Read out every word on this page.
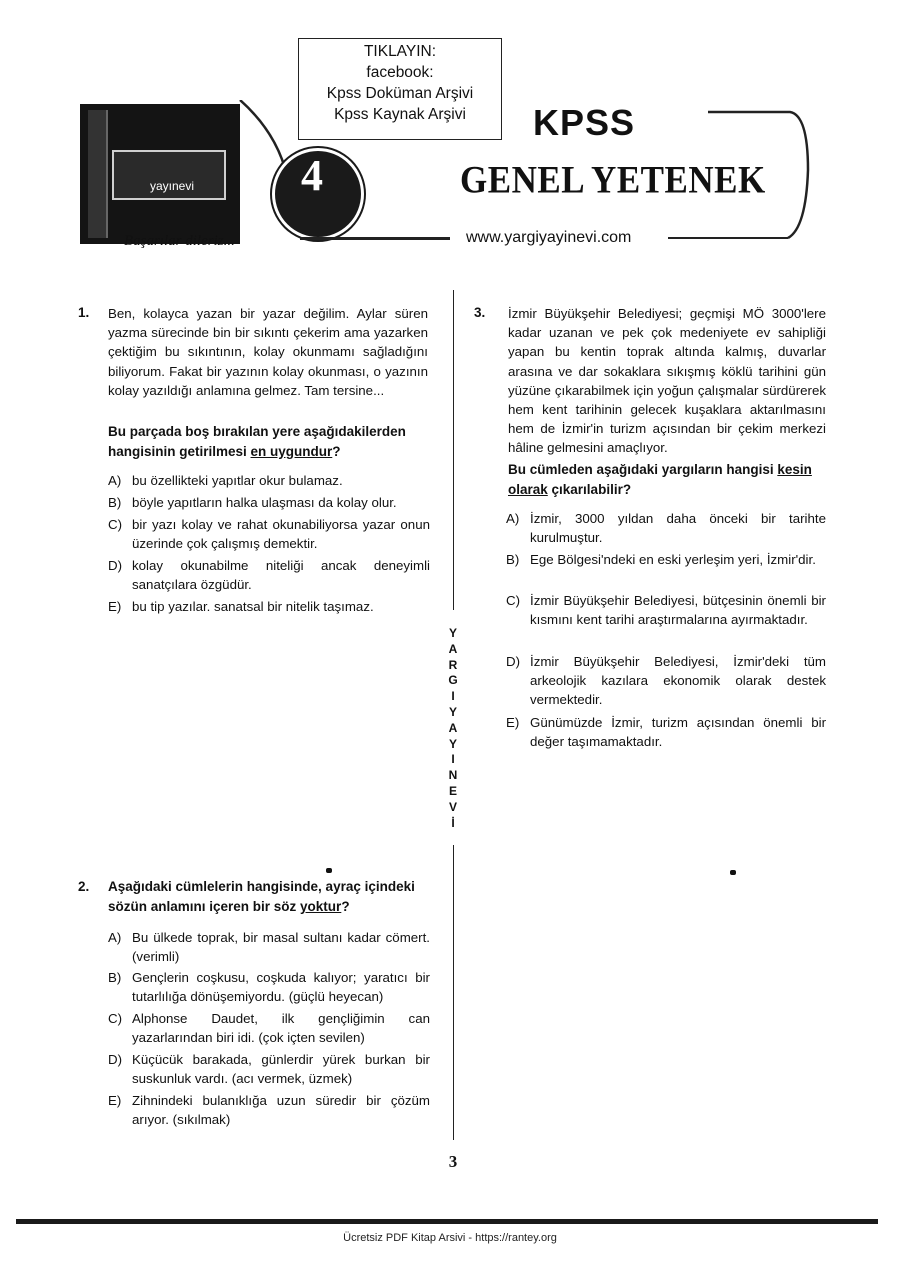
TIKLAYIN:
facebook:
Kpss Doküman Arşivi
Kpss Kaynak Arşivi
yayınevi
Başarılar dileriz...
4
KPSS
GENEL YETENEK
www.yargiyayinevi.com
Y
A
R
G
I
Y
A
Y
I
N
E
V
İ
1. Ben, kolayca yazan bir yazar değilim. Aylar süren yazma sürecinde bin bir sıkıntı çekerim ama yazarken çektiğim bu sıkıntının, kolay okunmamı sağladığını biliyorum. Fakat bir yazının kolay okunması, o yazının kolay yazıldığı anlamına gelmez. Tam tersine...
Bu parçada boş bırakılan yere aşağıdakilerden hangisinin getirilmesi en uygundur?
A) bu özellikteki yapıtlar okur bulamaz.
B) böyle yapıtların halka ulaşması da kolay olur.
C) bir yazı kolay ve rahat okunabiliyorsa yazar onun üzerinde çok çalışmış demektir.
D) kolay okunabilme niteliği ancak deneyimli sanatçılara özgüdür.
E) bu tip yazılar. sanatsal bir nitelik taşımaz.
2. Aşağıdaki cümlelerin hangisinde, ayraç içindeki sözün anlamını içeren bir söz yoktur?
A) Bu ülkede toprak, bir masal sultanı kadar cömert. (verimli)
B) Gençlerin coşkusu, coşkuda kalıyor; yaratıcı bir tutarlılığa dönüşemiyordu. (güçlü heyecan)
C) Alphonse Daudet, ilk gençliğimin can yazarlarından biri idi. (çok içten sevilen)
D) Küçücük barakada, günlerdir yürek burkan bir suskunluk vardı. (acı vermek, üzmek)
E) Zihnindeki bulanıklığa uzun süredir bir çözüm arıyor. (sıkılmak)
3. İzmir Büyükşehir Belediyesi; geçmişi MÖ 3000'lere kadar uzanan ve pek çok medeniyete ev sahipliği yapan bu kentin toprak altında kalmış, duvarlar arasına ve dar sokaklara sıkışmış köklü tarihini gün yüzüne çıkarabilmek için yoğun çalışmalar sürdürerek hem kent tarihinin gelecek kuşaklara aktarılmasını hem de İzmir'in turizm açısından bir çekim merkezi hâline gelmesini amaçlıyor.
Bu cümleden aşağıdaki yargıların hangisi kesin olarak çıkarılabilir?
A) İzmir, 3000 yıldan daha önceki bir tarihte kurulmuştur.
B) Ege Bölgesi'ndeki en eski yerleşim yeri, İzmir'dir.
C) İzmir Büyükşehir Belediyesi, bütçesinin önemli bir kısmını kent tarihi araştırmalarına ayırmaktadır.
D) İzmir Büyükşehir Belediyesi, İzmir'deki tüm arkeolojik kazılara ekonomik olarak destek vermektedir.
E) Günümüzde İzmir, turizm açısından önemli bir değer taşımamaktadır.
3
Ücretsiz PDF Kitap Arsivi - https://rantey.org
